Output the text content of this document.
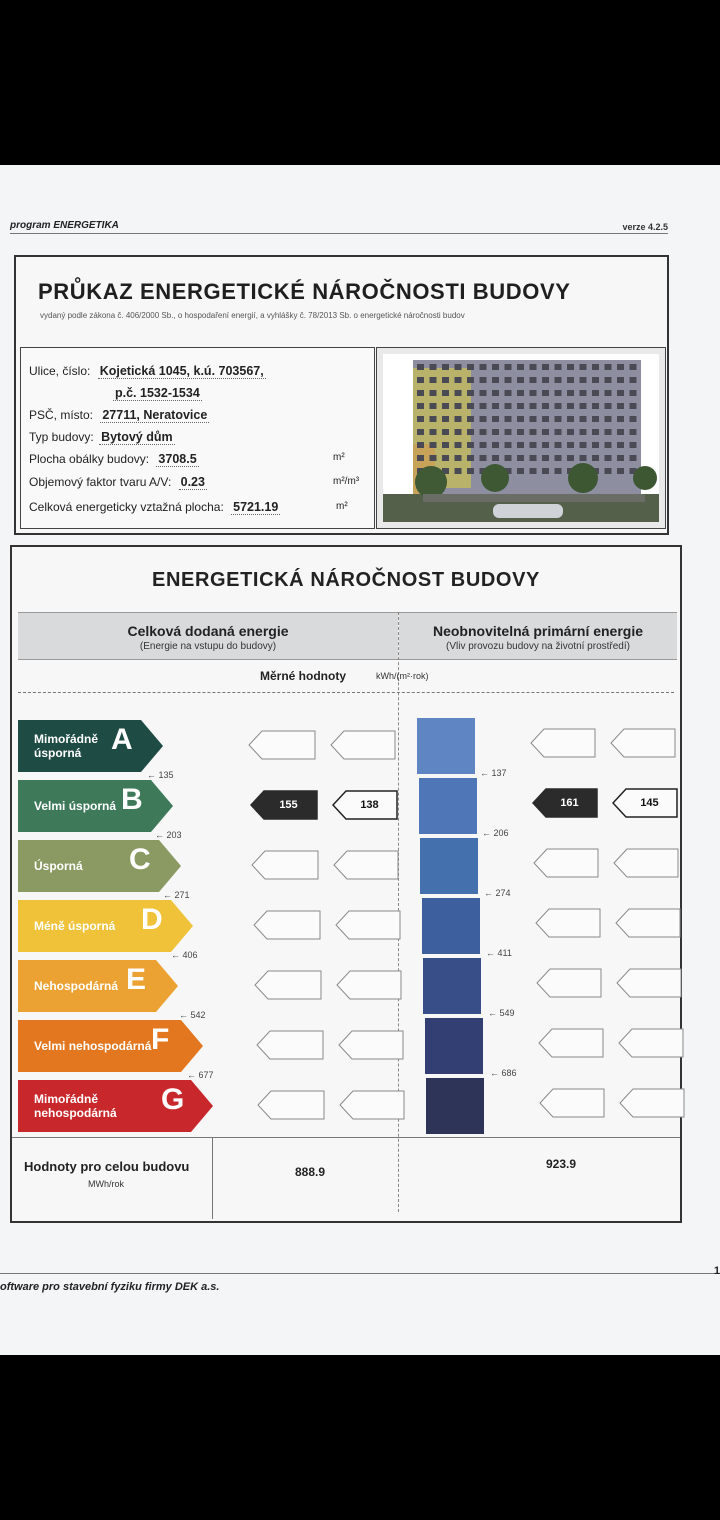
program ENERGETIKA	verze 4.2.5
PRŮKAZ ENERGETICKÉ NÁROČNOSTI BUDOVY
vydaný podle zákona č. 406/2000 Sb., o hospodaření energií, a vyhlášky č. 78/2013 Sb. o energetické náročnosti budov
Ulice, číslo: Kojetická 1045, k.ú. 703567,
p.č. 1532-1534
PSČ, místo: 27711, Neratovice
Typ budovy: Bytový dům
Plocha obálky budovy: 3708.5	m²
Objemový faktor tvaru A/V: 0.23	m²/m³
Celková energeticky vztažná plocha: 5721.19	m²
ENERGETICKÁ NÁROČNOST BUDOVY
Celková dodaná energie
(Energie na vstupu do budovy)
Neobnovitelná primární energie
(Vliv provozu budovy na životní prostředí)
Měrné hodnoty	kWh/(m²·rok)
Mimořádně úsporná A
Velmi úsporná B
Úsporná	C
Méně úsporná D
Nehospodárná E
Velmi nehospodárná F
Mimořádně nehospodárná	G
← 135
← 203
← 271
← 406
← 542
← 677
← 137
← 206
← 274
← 411
← 549
← 686
155	138	161	145
Hodnoty pro celou budovu
MWh/rok
888.9
923.9
oftware pro stavební fyziku firmy DEK a.s.
1
